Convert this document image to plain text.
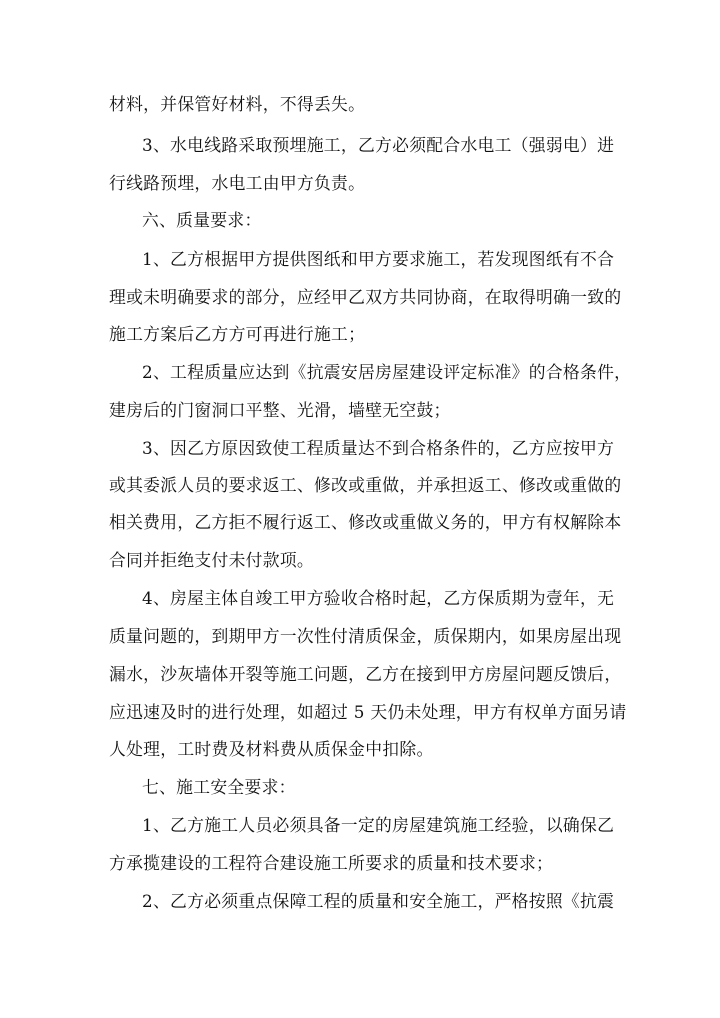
材料，并保管好材料，不得丢失。
3、水电线路采取预埋施工，乙方必须配合水电工（强弱电）进
行线路预埋，水电工由甲方负责。
六、质量要求：
1、乙方根据甲方提供图纸和甲方要求施工，若发现图纸有不合
理或未明确要求的部分，应经甲乙双方共同协商，在取得明确一致的
施工方案后乙方方可再进行施工；
2、工程质量应达到《抗震安居房屋建设评定标准》的合格条件，
建房后的门窗洞口平整、光滑，墙壁无空鼓；
3、因乙方原因致使工程质量达不到合格条件的，乙方应按甲方
或其委派人员的要求返工、修改或重做，并承担返工、修改或重做的
相关费用，乙方拒不履行返工、修改或重做义务的，甲方有权解除本
合同并拒绝支付未付款项。
4、房屋主体自竣工甲方验收合格时起，乙方保质期为壹年，无
质量问题的，到期甲方一次性付清质保金，质保期内，如果房屋出现
漏水，沙灰墙体开裂等施工问题，乙方在接到甲方房屋问题反馈后，
应迅速及时的进行处理，如超过 5 天仍未处理，甲方有权单方面另请
人处理，工时费及材料费从质保金中扣除。
七、施工安全要求：
1、乙方施工人员必须具备一定的房屋建筑施工经验，以确保乙
方承揽建设的工程符合建设施工所要求的质量和技术要求；
2、乙方必须重点保障工程的质量和安全施工，严格按照《抗震
